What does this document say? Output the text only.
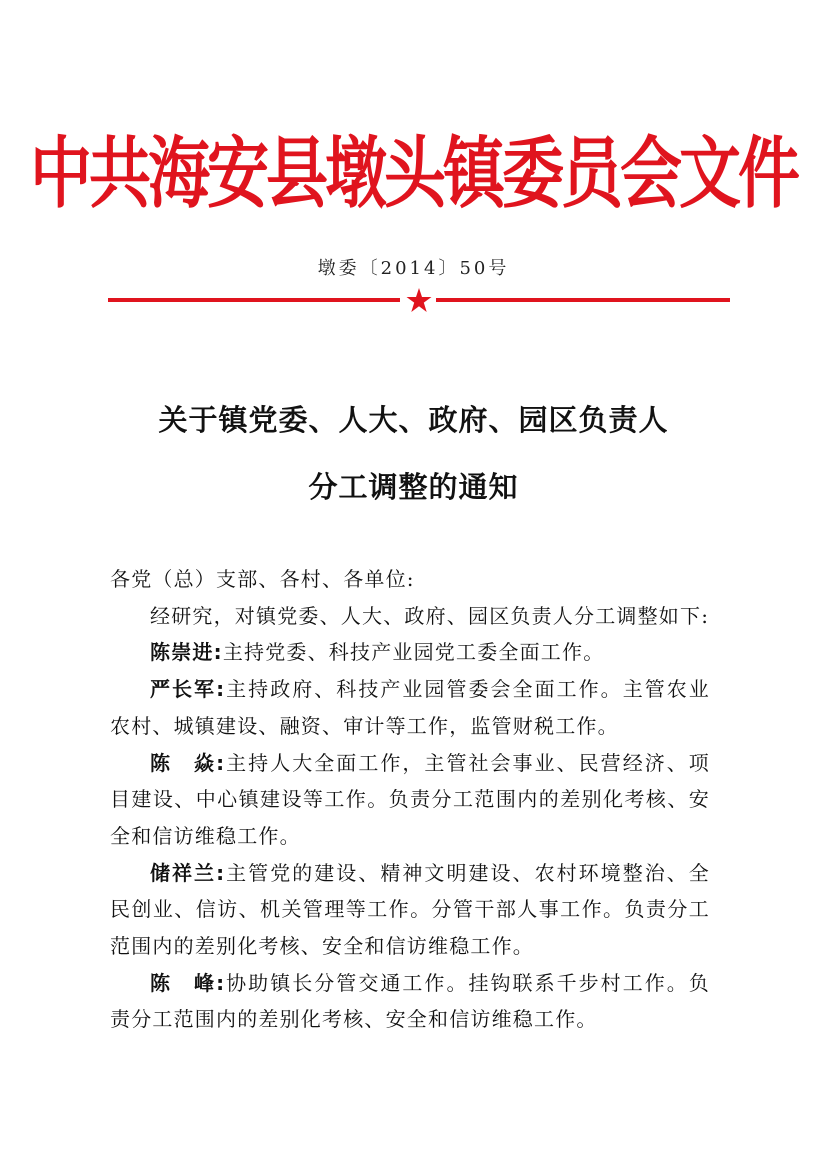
中共海安县墩头镇委员会文件
墩委〔2014〕50号
关于镇党委、人大、政府、园区负责人
分工调整的通知

各党（总）支部、各村、各单位:

经研究，对镇党委、人大、政府、园区负责人分工调整如下:

陈崇进:主持党委、科技产业园党工委全面工作。

严长军:主持政府、科技产业园管委会全面工作。主管农业农村、城镇建设、融资、审计等工作，监管财税工作。

陈　焱:主持人大全面工作，主管社会事业、民营经济、项目建设、中心镇建设等工作。负责分工范围内的差别化考核、安全和信访维稳工作。

储祥兰:主管党的建设、精神文明建设、农村环境整治、全民创业、信访、机关管理等工作。分管干部人事工作。负责分工范围内的差别化考核、安全和信访维稳工作。

陈　峰:协助镇长分管交通工作。挂钩联系千步村工作。负责分工范围内的差别化考核、安全和信访维稳工作。
